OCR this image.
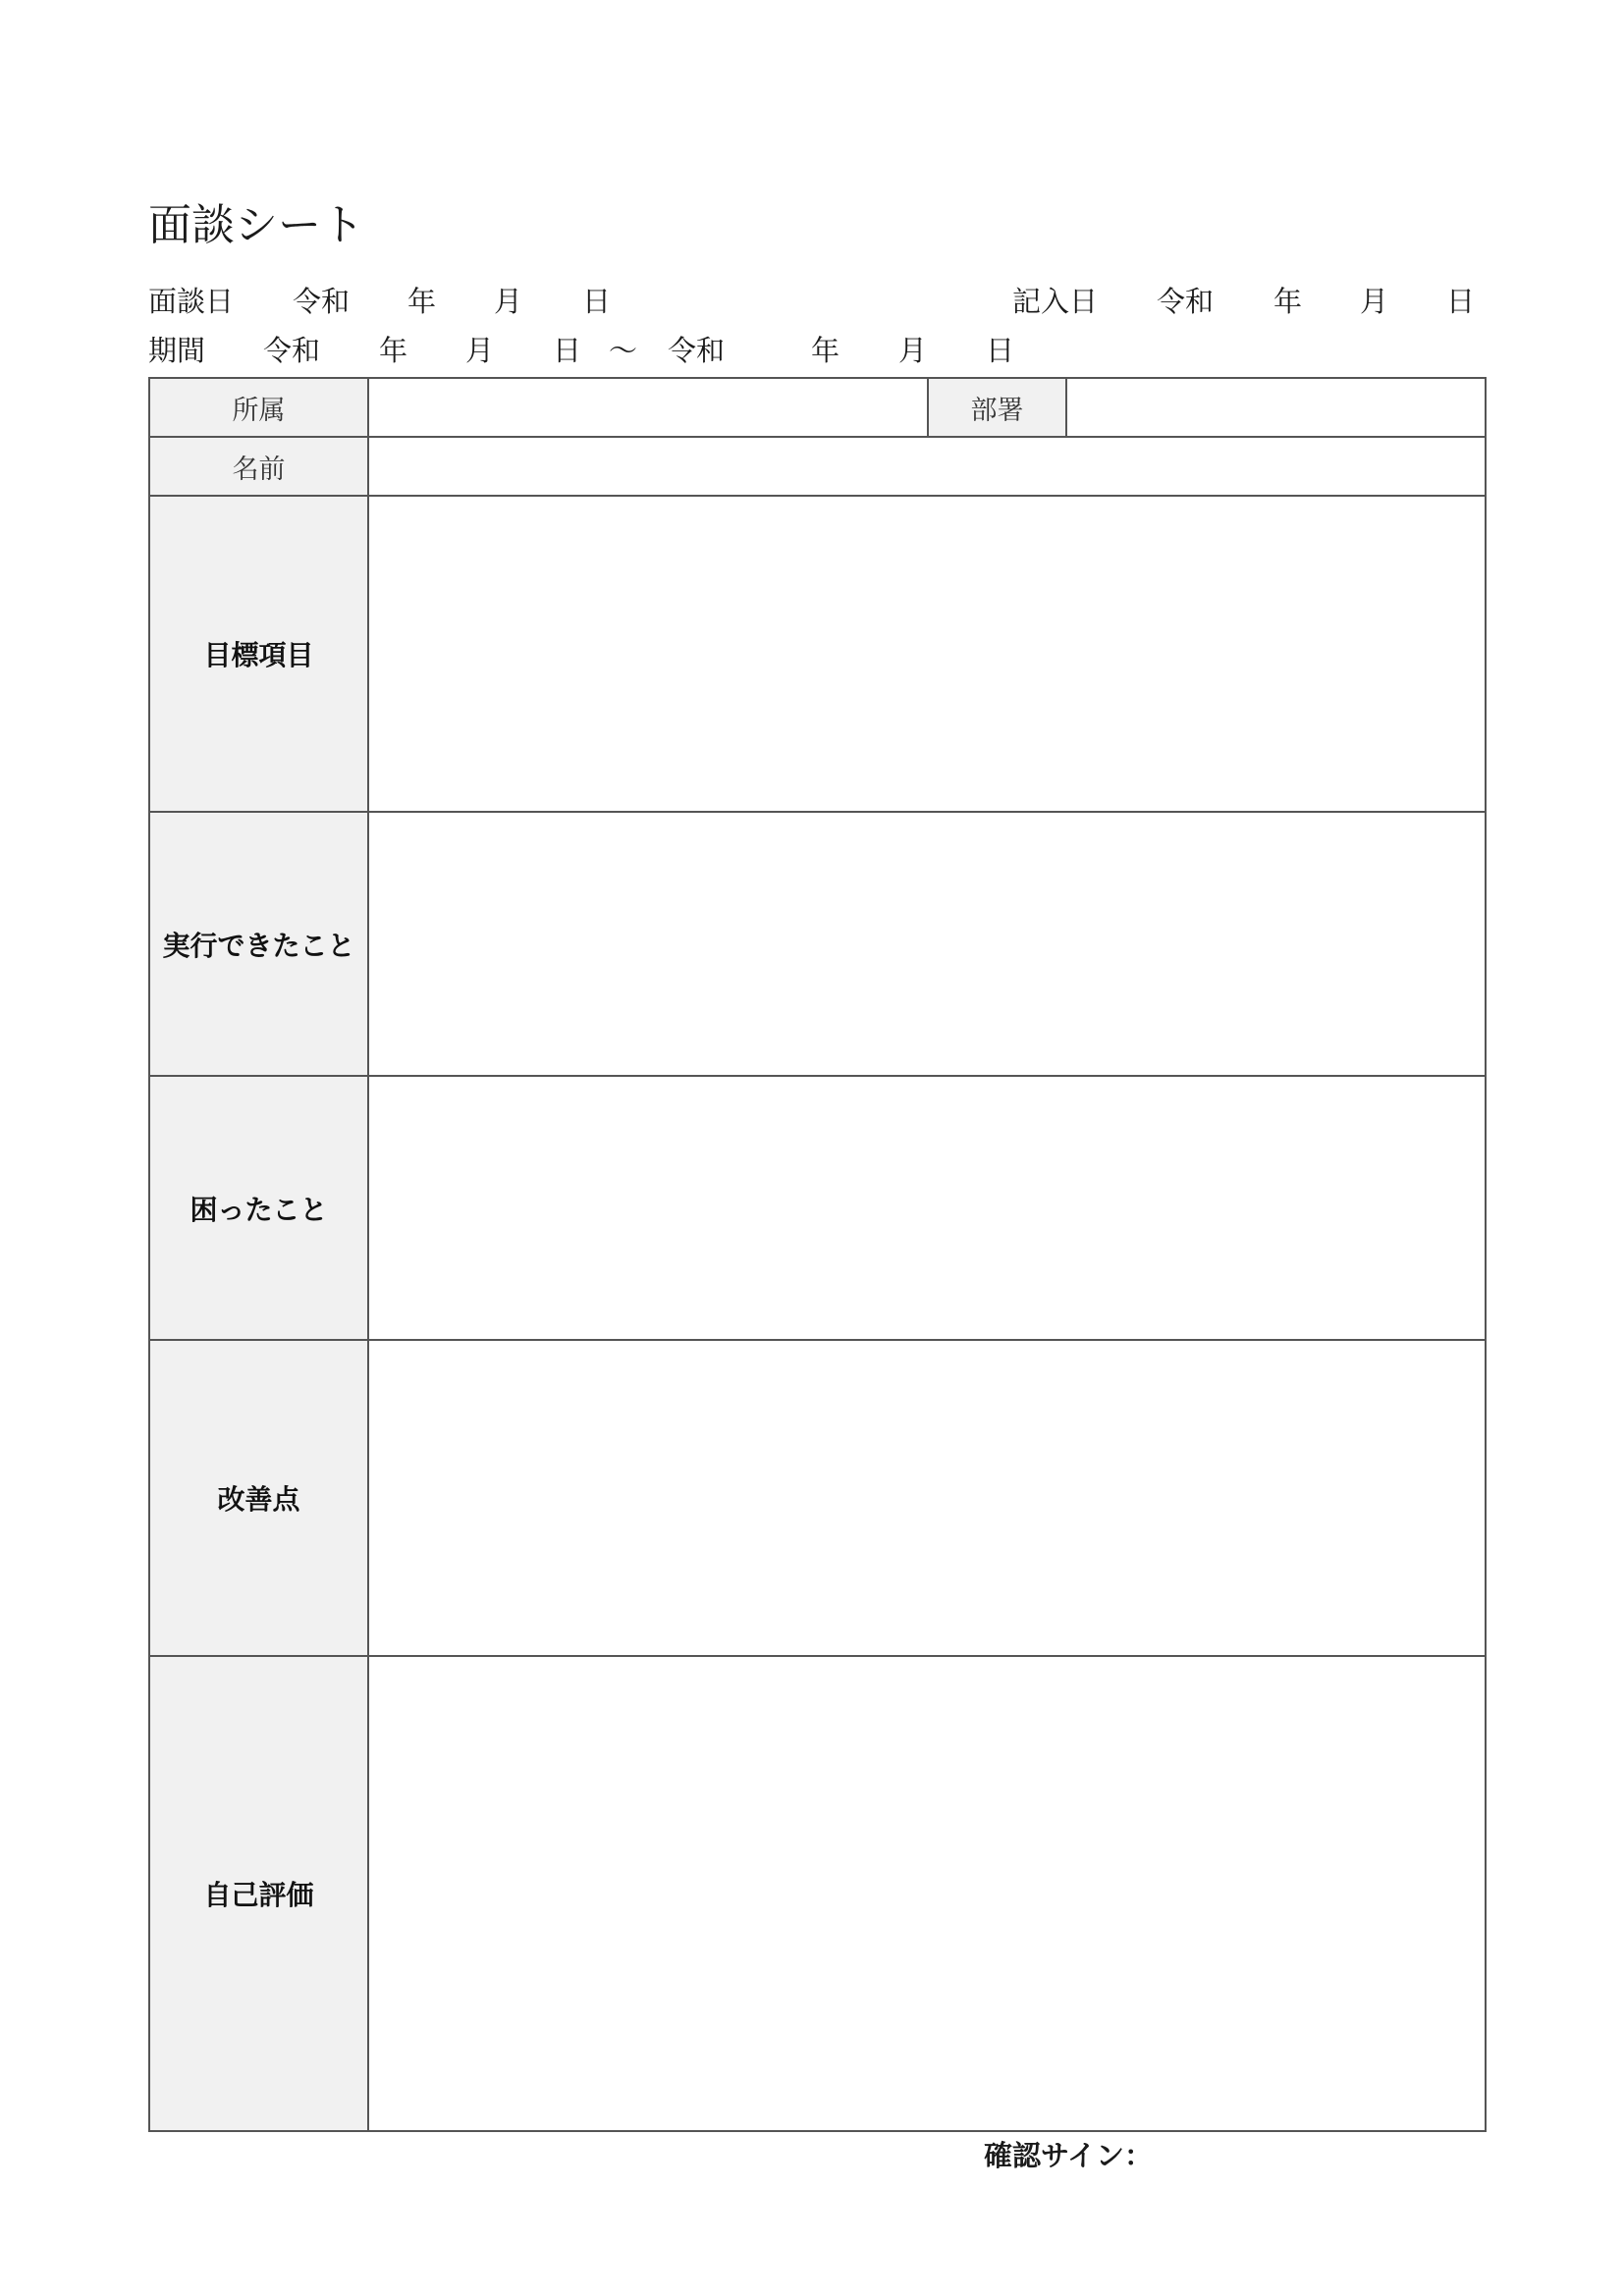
面談シート
面談日 令和 年 月 日	記入日 令和 年 月 日
期間 令和 年 月 日 ～ 令和	年 月 日
所属		部署	
名前			
目標項目			
実行できたこと			
困ったこと			
改善点			
自己評価			
確認サイン：
